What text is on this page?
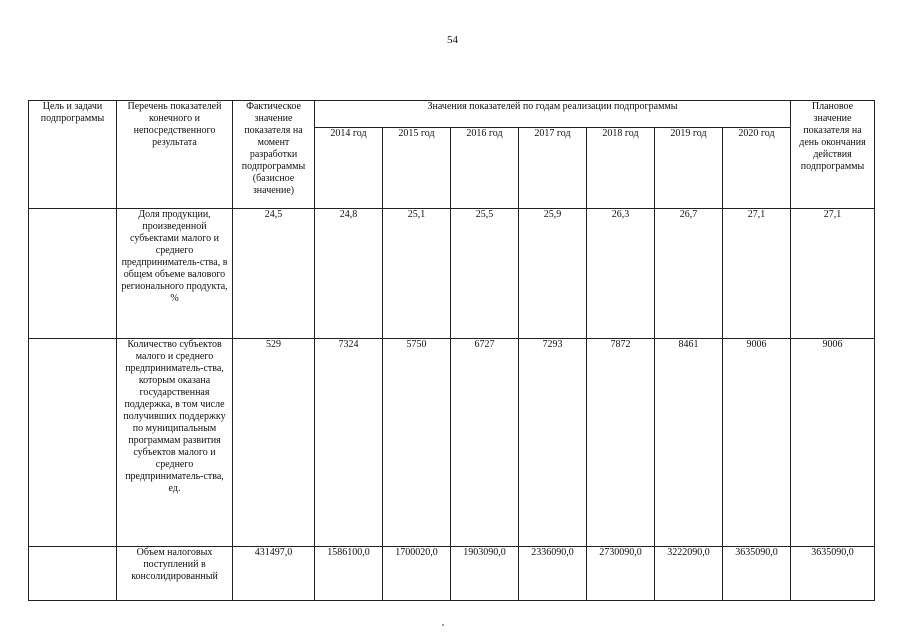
54
Цель и задачи подпрограммы	Перечень показателей конечного и непосредственного результата	Фактическое значение показателя на момент разработки подпрограммы (базисное значение)	Значения показателей по годам реализации подпрограммы							Плановое значение показателя на день окончания действия подпрограммы
			2014 год	2015 год	2016 год	2017 год	2018 год	2019 год	2020 год	
	Доля продукции, произведенной субъектами малого и среднего предприниматель-ства, в общем объеме валового регионального продукта, %	24,5	24,8	25,1	25,5	25,9	26,3	26,7	27,1	27,1
	Количество субъектов малого и среднего предприниматель-ства, которым оказана государственная поддержка, в том числе получивших поддержку по муниципальным программам развития субъектов малого и среднего предприниматель-ства, ед.	529	7324	5750	6727	7293	7872	8461	9006	9006
	Объем налоговых поступлений в консолидированный	431497,0	1586100,0	1700020,0	1903090,0	2336090,0	2730090,0	3222090,0	3635090,0	3635090,0
